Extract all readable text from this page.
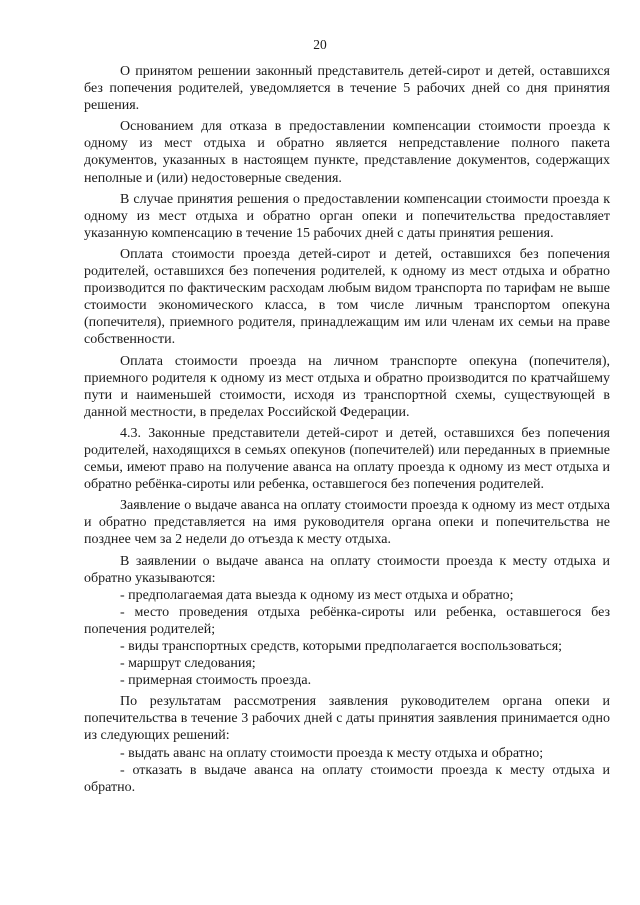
20

О принятом решении законный представитель детей-сирот и детей, оставшихся без попечения родителей, уведомляется в течение 5 рабочих дней со дня принятия решения.

Основанием для отказа в предоставлении компенсации стоимости проезда к одному из мест отдыха и обратно является непредставление полного пакета документов, указанных в настоящем пункте, представление документов, содержащих неполные и (или) недостоверные сведения.

В случае принятия решения о предоставлении компенсации стоимости проезда к одному из мест отдыха и обратно орган опеки и попечительства предоставляет указанную компенсацию в течение 15 рабочих дней с даты принятия решения.

Оплата стоимости проезда детей-сирот и детей, оставшихся без попечения родителей, оставшихся без попечения родителей, к одному из мест отдыха и обратно производится по фактическим расходам любым видом транспорта по тарифам не выше стоимости экономического класса, в том числе личным транспортом опекуна (попечителя), приемного родителя, принадлежащим им или членам их семьи на праве собственности.

Оплата стоимости проезда на личном транспорте опекуна (попечителя), приемного родителя к одному из мест отдыха и обратно производится по кратчайшему пути и наименьшей стоимости, исходя из транспортной схемы, существующей в данной местности, в пределах Российской Федерации.

4.3. Законные представители детей-сирот и детей, оставшихся без попечения родителей, находящихся в семьях опекунов (попечителей) или переданных в приемные семьи, имеют право на получение аванса на оплату проезда к одному из мест отдыха и обратно ребёнка-сироты или ребенка, оставшегося без попечения родителей.

Заявление о выдаче аванса на оплату стоимости проезда к одному из мест отдыха и обратно представляется на имя руководителя органа опеки и попечительства не позднее чем за 2 недели до отъезда к месту отдыха.

В заявлении о выдаче аванса на оплату стоимости проезда к месту отдыха и обратно указываются:

- предполагаемая дата выезда к одному из мест отдыха и обратно;

- место проведения отдыха ребёнка-сироты или ребенка, оставшегося без попечения родителей;

- виды транспортных средств, которыми предполагается воспользоваться;

- маршрут следования;

- примерная стоимость проезда.

По результатам рассмотрения заявления руководителем органа опеки и попечительства в течение 3 рабочих дней с даты принятия заявления принимается одно из следующих решений:

- выдать аванс на оплату стоимости проезда к месту отдыха и обратно;

- отказать в выдаче аванса на оплату стоимости проезда к месту отдыха и обратно.
